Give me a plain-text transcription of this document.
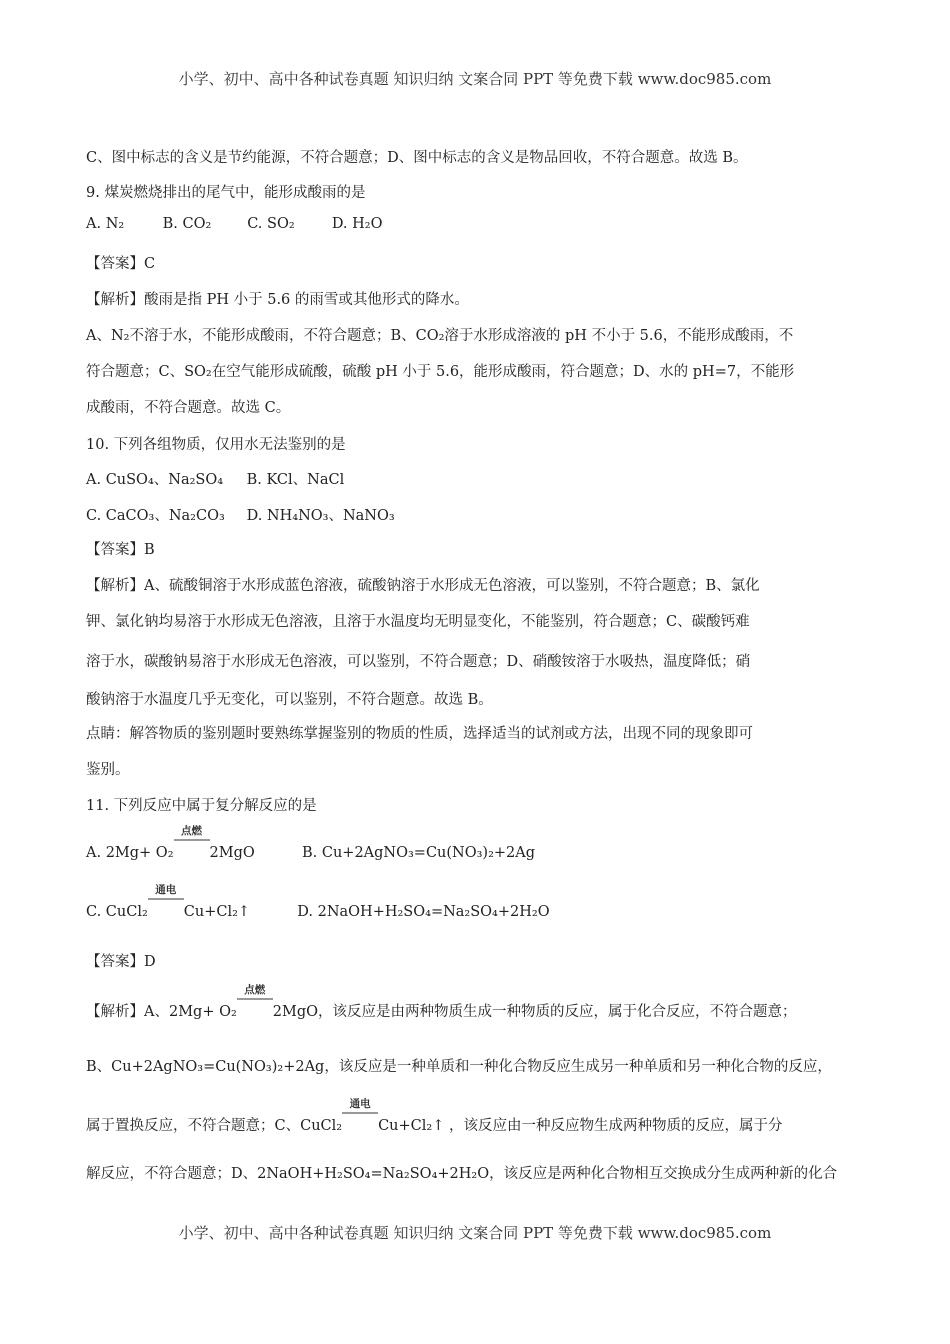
小学、初中、高中各种试卷真题 知识归纳 文案合同 PPT 等免费下载 www.doc985.com
C、图中标志的含义是节约能源，不符合题意；D、图中标志的含义是物品回收，不符合题意。故选 B。
9. 煤炭燃烧排出的尾气中，能形成酸雨的是
A. N₂	B. CO₂ C. SO₂	D. H₂O
【答案】C
【解析】酸雨是指 PH 小于 5.6 的雨雪或其他形式的降水。
A、N₂不溶于水，不能形成酸雨，不符合题意；B、CO₂溶于水形成溶液的 pH 不小于 5.6，不能形成酸雨，不
符合题意；C、SO₂在空气能形成硫酸，硫酸 pH 小于 5.6，能形成酸雨，符合题意；D、水的 pH=7，不能形
成酸雨，不符合题意。故选 C。
10. 下列各组物质，仅用水无法鉴别的是
A. CuSO₄、Na₂SO₄ B. KCl、NaCl
C. CaCO₃、Na₂CO₃ D. NH₄NO₃、NaNO₃
【答案】B
【解析】A、硫酸铜溶于水形成蓝色溶液，硫酸钠溶于水形成无色溶液，可以鉴别，不符合题意；B、氯化
钾、氯化钠均易溶于水形成无色溶液，且溶于水温度均无明显变化，不能鉴别，符合题意；C、碳酸钙难
溶于水，碳酸钠易溶于水形成无色溶液，可以鉴别，不符合题意；D、硝酸铵溶于水吸热，温度降低；硝
酸钠溶于水温度几乎无变化，可以鉴别，不符合题意。故选 B。
点睛：解答物质的鉴别题时要熟练掌握鉴别的物质的性质，选择适当的试剂或方法，出现不同的现象即可
鉴别。
11. 下列反应中属于复分解反应的是
A. 2Mg+ O₂
点燃
2MgO	B. Cu+2AgNO₃=Cu(NO₃)₂+2Ag
C. CuCl₂
通电
Cu+Cl₂↑	D. 2NaOH+H₂SO₄=Na₂SO₄+2H₂O
【答案】D
【解析】A、2Mg+ O₂
点燃
2MgO，该反应是由两种物质生成一种物质的反应，属于化合反应，不符合题意；
B、Cu+2AgNO₃=Cu(NO₃)₂+2Ag，该反应是一种单质和一种化合物反应生成另一种单质和另一种化合物的反应，
属于置换反应，不符合题意；C、CuCl₂
通电
Cu+Cl₂↑ ，该反应由一种反应物生成两种物质的反应，属于分
解反应，不符合题意；D、2NaOH+H₂SO₄=Na₂SO₄+2H₂O，该反应是两种化合物相互交换成分生成两种新的化合
小学、初中、高中各种试卷真题 知识归纳 文案合同 PPT 等免费下载 www.doc985.com
